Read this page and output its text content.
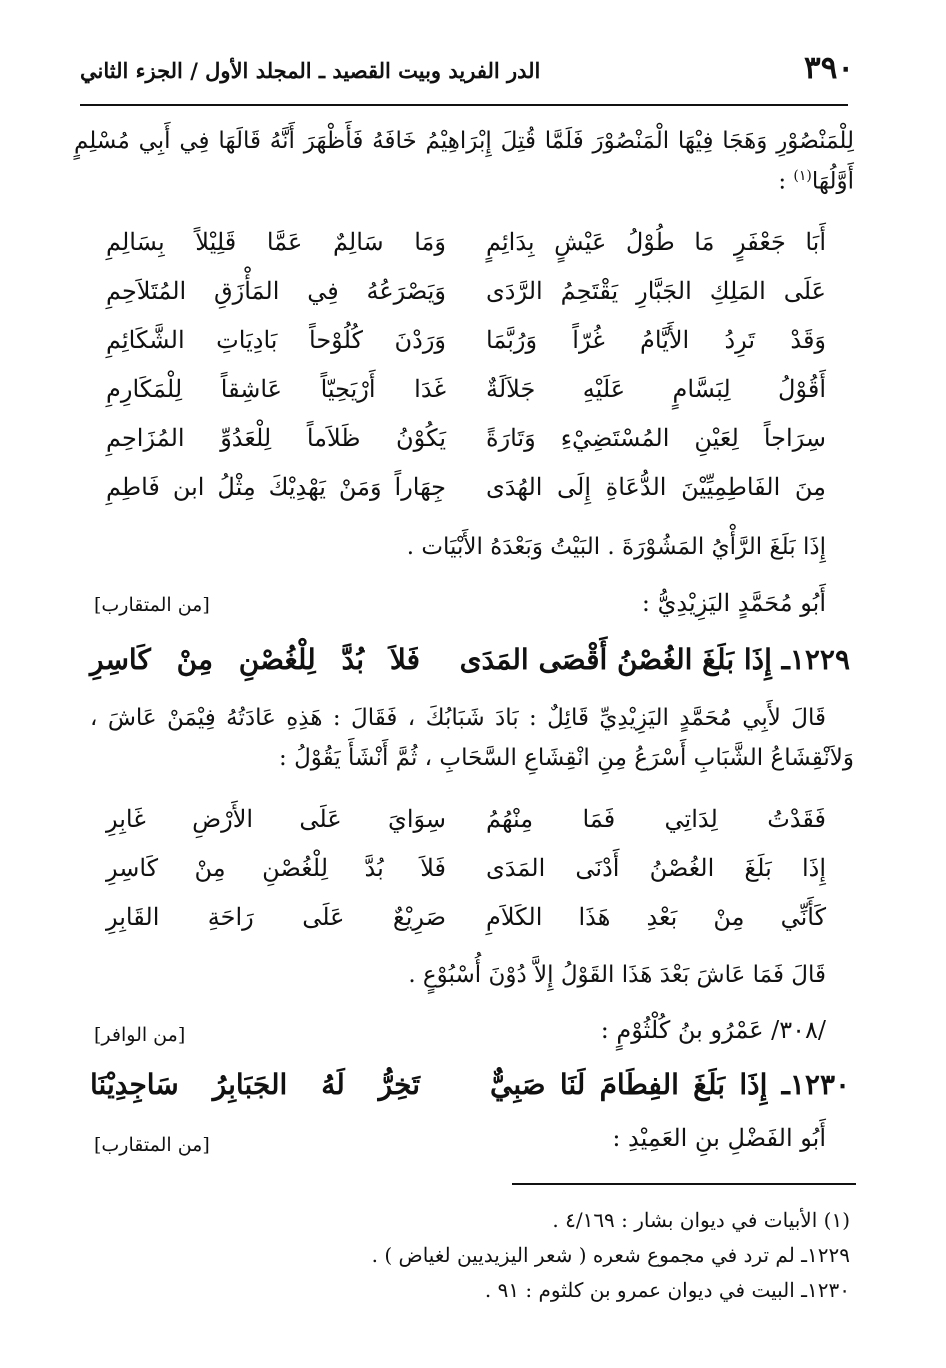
٣٩٠
الدر الفريد وبيت القصيد ـ المجلد الأول / الجزء الثاني
لِلْمَنْصُوْرِ وَهَجَا فِيْهَا الْمَنْصُوْرَ فَلَمَّا قُتِلَ إِبْرَاهِيْمُ خَافَهُ فَأَظْهَرَ أَنَّهُ قَالَهَا فِي أَبِي مُسْلِمٍ
أَوَّلُهَا$^{(١)}$ :
أَبَا جَعْفَرٍ مَا طُوْلُ عَيْشٍ بِدَائِمٍ
وَمَا سَالِمٌ عَمَّا قَلِيْلاً بِسَالِمِ
عَلَى المَلِكِ الجَبَّارِ يَقْتَحِمُ الرَّدَى
وَيَصْرَعُهُ فِي المَأْزَقِ المُتَلاَحِمِ
وَقَدْ تَرِدُ الأَيَّامُ غُرّاً وَرُبَّمَا
وَرَدْنَ كُلُوْحاً بَادِيَاتِ الشَّكَائِمِ
أَقُوْلُ لِبَسَّامٍ عَلَيْهِ جَلاَلَةٌ
غَدَا أَرْيَحِيّاً عَاشِقاً لِلْمَكَارِمِ
سِرَاجاً لِعَيْنِ المُسْتَضِيْءِ وَتَارَةً
يَكُوْنُ ظَلاَماً لِلْعَدُوِّ المُزَاحِمِ
مِنَ الفَاطِمِيِّيْنَ الدُّعَاةِ إِلَى الهُدَى
جِهَاراً وَمَنْ يَهْدِيْكَ مِثْلُ ابن فَاطِمِ
إِذَا بَلَغَ الرَّأْيُ المَشُوْرَةَ . البَيْتُ وَبَعْدَهُ الأَبْيَات .
أَبُو مُحَمَّدٍ اليَزِيْدِيُّ :
[من المتقارب]
١٢٢٩ـ إِذَا بَلَغَ الغُصْنُ أَقْصَى المَدَى
فَلاَ بُدَّ لِلْغُصْنِ مِنْ كَاسِرِ
قَالَ لأَبِي مُحَمَّدٍ اليَزِيْدِيِّ قَائِلٌ : بَادَ شَبَابُكَ ، فَقَالَ : هَذِهِ عَادَتُهُ فِيْمَنْ عَاشَ ،
وَلاَنْقِشَاعُ الشَّبَابِ أَسْرَعُ مِنِ انْقِشَاعِ السَّحَابِ ، ثُمَّ أَنْشَأَ يَقُوْلُ :
فَقَدْتُ لِدَاتِي فَمَا مِنْهُمُ
سِوَايَ عَلَى الأَرْضِ غَابِرِ
إِذَا بَلَغَ الغُصْنُ أَدْنَى المَدَى
فَلاَ بُدَّ لِلْغُصْنِ مِنْ كَاسِرِ
كَأَنِّي مِنْ بَعْدِ هَذَا الكَلاَمِ
صَرِيْعٌ عَلَى رَاحَةِ القَابِرِ
قَالَ فَمَا عَاشَ بَعْدَ هَذَا القَوْلُ إِلاَّ دُوْنَ أُسْبُوْعٍ .
/٣٠٨/ عَمْرُو بنُ كُلْثُوْمٍ :
[من الوافر]
١٢٣٠ـ إِذَا بَلَغَ الفِطَامَ لَنَا صَبِيٌّ
تَخِرُّ لَهُ الجَبَابِرُ سَاجِدِيْنَا
أَبُو الفَضْلِ بنِ العَمِيْدِ :
[من المتقارب]
(١) الأبيات في ديوان بشار : ٤/١٦٩ .
١٢٢٩ـ لم ترد في مجموع شعره ( شعر اليزيديين لغياض ) .
١٢٣٠ـ البيت في ديوان عمرو بن كلثوم : ٩١ .
